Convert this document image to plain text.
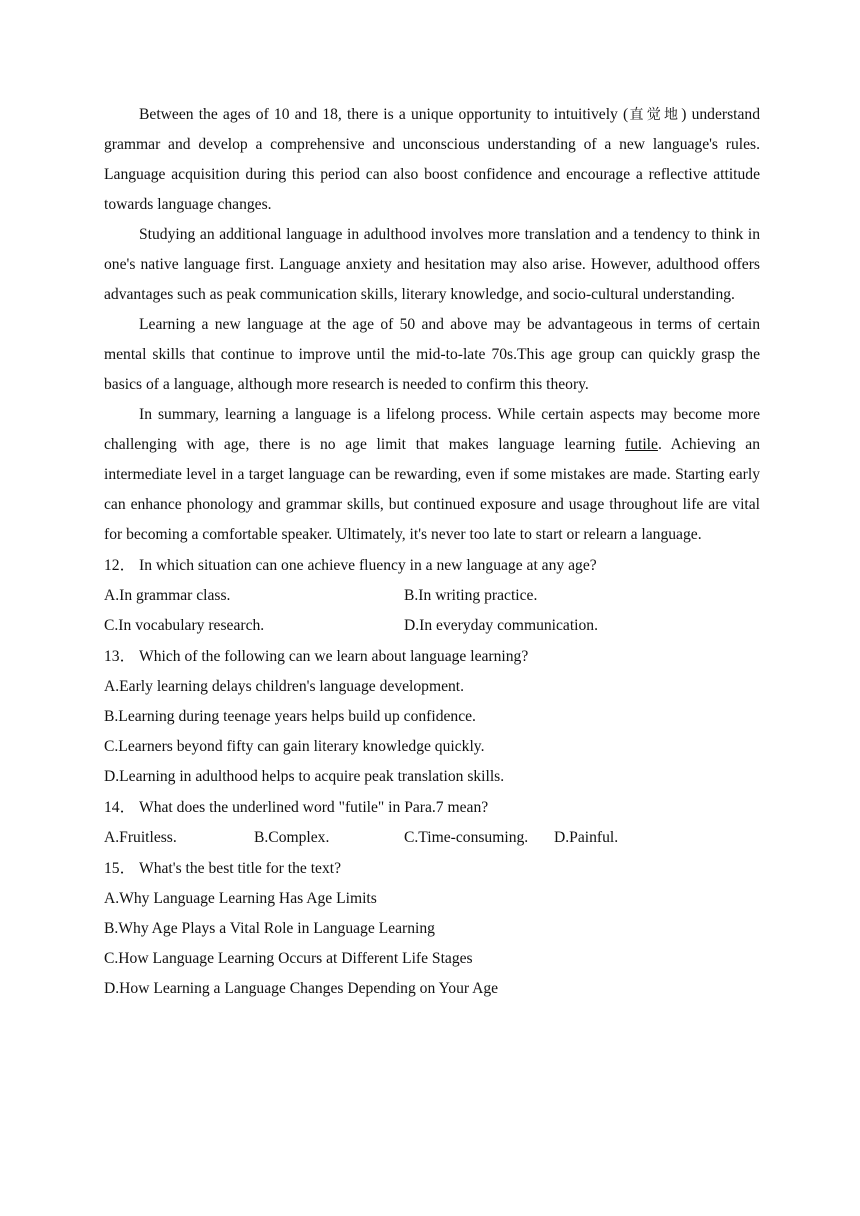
Between the ages of 10 and 18, there is a unique opportunity to intuitively (直觉地) understand grammar and develop a comprehensive and unconscious understanding of a new language's rules. Language acquisition during this period can also boost confidence and encourage a reflective attitude towards language changes.

Studying an additional language in adulthood involves more translation and a tendency to think in one's native language first. Language anxiety and hesitation may also arise. However, adulthood offers advantages such as peak communication skills, literary knowledge, and socio-cultural understanding.

Learning a new language at the age of 50 and above may be advantageous in terms of certain mental skills that continue to improve until the mid-to-late 70s.This age group can quickly grasp the basics of a language, although more research is needed to confirm this theory.

In summary, learning a language is a lifelong process. While certain aspects may become more challenging with age, there is no age limit that makes language learning futile. Achieving an intermediate level in a target language can be rewarding, even if some mistakes are made. Starting early can enhance phonology and grammar skills, but continued exposure and usage throughout life are vital for becoming a comfortable speaker. Ultimately, it's never too late to start or relearn a language.

12． In which situation can one achieve fluency in a new language at any age?
A.In grammar class.	B.In writing practice.
C.In vocabulary research.	D.In everyday communication.
13． Which of the following can we learn about language learning?
A.Early learning delays children's language development.
B.Learning during teenage years helps build up confidence.
C.Learners beyond fifty can gain literary knowledge quickly.
D.Learning in adulthood helps to acquire peak translation skills.
14． What does the underlined word "futile" in Para.7 mean?
A.Fruitless.	B.Complex.	C.Time-consuming.	D.Painful.
15． What's the best title for the text?
A.Why Language Learning Has Age Limits
B.Why Age Plays a Vital Role in Language Learning
C.How Language Learning Occurs at Different Life Stages
D.How Learning a Language Changes Depending on Your Age
